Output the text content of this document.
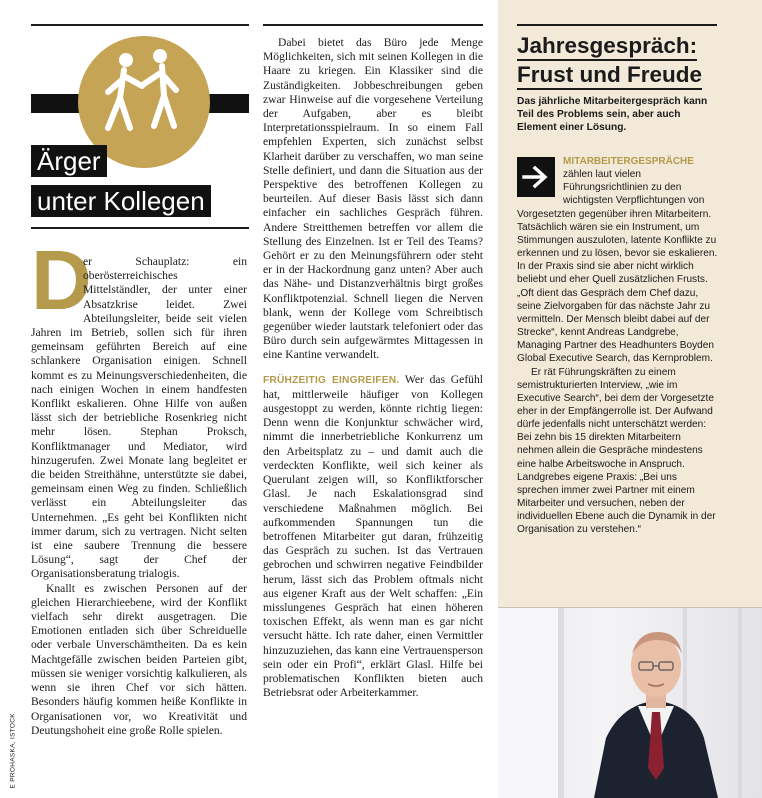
Ärger
unter Kollegen
D

er Schauplatz: ein oberösterreichisches Mittelständler, der unter einer Absatzkrise leidet. Zwei Abteilungsleiter, beide seit vielen Jahren im Betrieb, sollen sich für ihren gemeinsam geführten Bereich auf eine schlankere Organisation einigen. Schnell kommt es zu Meinungsverschiedenheiten, die nach einigen Wochen in einem handfesten Konflikt eskalieren. Ohne Hilfe von außen lässt sich der betriebliche Rosenkrieg nicht mehr lösen. Stephan Proksch, Konfliktmanager und Mediator, wird hinzugerufen. Zwei Monate lang begleitet er die beiden Streithähne, unterstützte sie dabei, gemeinsam einen Weg zu finden. Schließlich verlässt ein Abteilungsleiter das Unternehmen. „Es geht bei Konflikten nicht immer darum, sich zu vertragen. Nicht selten ist eine saubere Trennung die bessere Lösung“, sagt der Chef der Organisationsberatung trialogis.

Knallt es zwischen Personen auf der gleichen Hierarchieebene, wird der Konflikt vielfach sehr direkt ausgetragen. Die Emotionen entladen sich über Schreiduelle oder verbale Unverschämtheiten. Da es kein Machtgefälle zwischen beiden Parteien gibt, müssen sie weniger vorsichtig kalkulieren, als wenn sie ihren Chef vor sich hätten. Besonders häufig kommen heiße Konflikte in Organisationen vor, wo Kreativität und Deutungshoheit eine große Rolle spielen.

E PROHASKA, ISTOCK

Dabei bietet das Büro jede Menge Möglichkeiten, sich mit seinen Kollegen in die Haare zu kriegen. Ein Klassiker sind die Zuständigkeiten. Jobbeschreibungen geben zwar Hinweise auf die vorgesehene Verteilung der Aufgaben, aber es bleibt Interpretationsspielraum. In so einem Fall empfehlen Experten, sich zunächst selbst Klarheit darüber zu verschaffen, wo man seine Stelle definiert, und dann die Situation aus der Perspektive des betroffenen Kollegen zu beurteilen. Auf dieser Basis lässt sich dann einfacher ein sachliches Gespräch führen. Andere Streitthemen betreffen vor allem die Stellung des Einzelnen. Ist er Teil des Teams? Gehört er zu den Meinungsführern oder steht er in der Hackordnung ganz unten? Aber auch das Nähe- und Distanzverhältnis birgt großes Konfliktpotenzial. Schnell liegen die Nerven blank, wenn der Kollege vom Schreibtisch gegenüber wieder lautstark telefoniert oder das Büro durch sein aufgewärmtes Mittagessen in eine Kantine verwandelt.

FRÜHZEITIG EINGREIFEN. Wer das Gefühl hat, mittlerweile häufiger von Kollegen ausgestoppt zu werden, könnte richtig liegen: Denn wenn die Konjunktur schwächer wird, nimmt die innerbetriebliche Konkurrenz um den Arbeitsplatz zu – und damit auch die verdeckten Konflikte, weil sich keiner als Querulant zeigen will, so Konfliktforscher Glasl. Je nach Eskalationsgrad sind verschiedene Maßnahmen möglich. Bei aufkommenden Spannungen tun die betroffenen Mitarbeiter gut daran, frühzeitig das Gespräch zu suchen. Ist das Vertrauen gebrochen und schwirren negative Feindbilder herum, lässt sich das Problem oftmals nicht aus eigener Kraft aus der Welt schaffen: „Ein misslungenes Gespräch hat einen höheren toxischen Effekt, als wenn man es gar nicht versucht hätte. Ich rate daher, einen Vermittler hinzuzuziehen, das kann eine Vertrauensperson sein oder ein Profi“, erklärt Glasl. Hilfe bei problematischen Konflikten bieten auch Betriebsrat oder Arbeiterkammer.

Jahresgespräch:
Frust und Freude
Das jährliche Mitarbeitergespräch kann Teil des Problems sein, aber auch Element einer Lösung.

MITARBEITERGESPRÄCHE zählen laut vielen Führungsrichtlinien zu den wichtigsten Verpflichtungen von Vorgesetzten gegenüber ihren Mitarbeitern. Tatsächlich wären sie ein Instrument, um Stimmungen auszuloten, latente Konflikte zu erkennen und zu lösen, bevor sie eskalieren. In der Praxis sind sie aber nicht wirklich beliebt und eher Quell zusätzlichen Frusts. „Oft dient das Gespräch dem Chef dazu, seine Zielvorgaben für das nächste Jahr zu vermitteln. Der Mensch bleibt dabei auf der Strecke“, kennt Andreas Landgrebe, Managing Partner des Headhunters Boyden Global Executive Search, das Kernproblem.

Er rät Führungskräften zu einem semistrukturierten Interview, „wie im Executive Search“, bei dem der Vorgesetzte eher in der Empfängerrolle ist. Der Aufwand dürfe jedenfalls nicht unterschätzt werden: Bei zehn bis 15 direkten Mitarbeitern nehmen allein die Gespräche mindestens eine halbe Arbeitswoche in Anspruch. Landgrebes eigene Praxis: „Bei uns sprechen immer zwei Partner mit einem Mitarbeiter und versuchen, neben der individuellen Ebene auch die Dynamik in der Organisation zu verstehen.“
